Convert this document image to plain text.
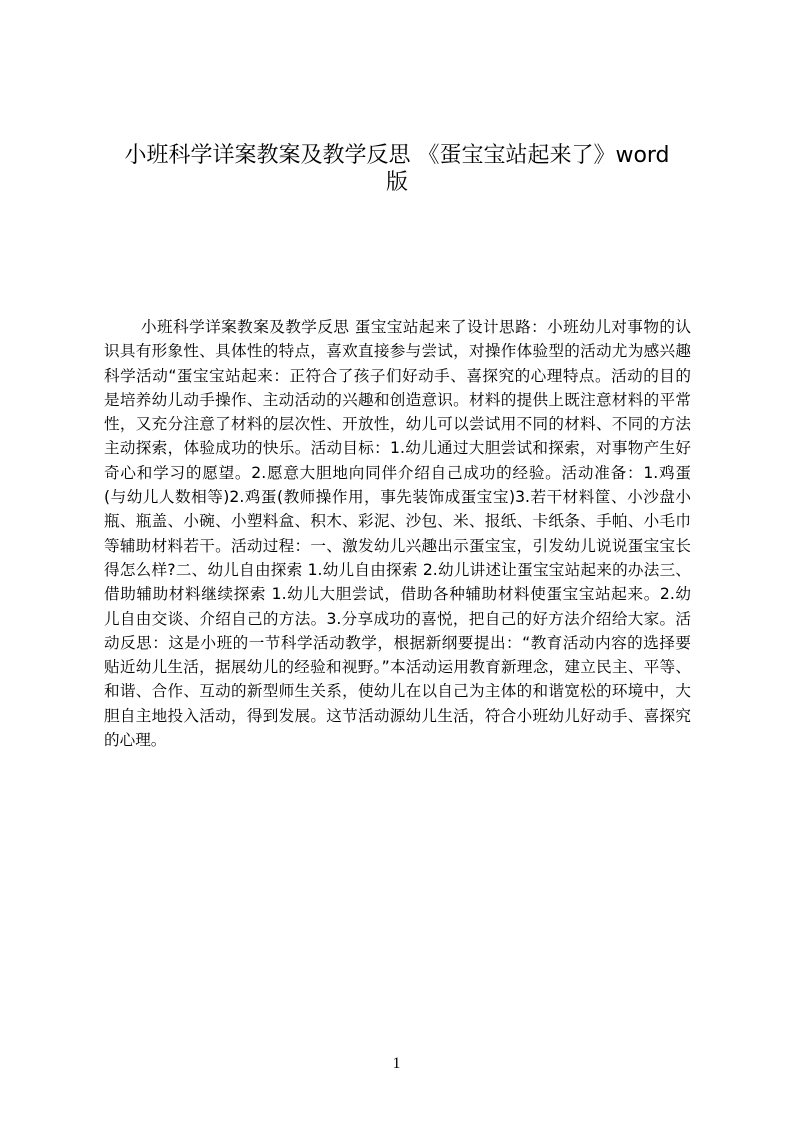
小班科学详案教案及教学反思 《蛋宝宝站起来了》word
版
小班科学详案教案及教学反思 蛋宝宝站起来了设计思路：小班幼儿对事物的认
识具有形象性、具体性的特点，喜欢直接参与尝试，对操作体验型的活动尤为感兴趣
科学活动“蛋宝宝站起来：正符合了孩子们好动手、喜探究的心理特点。活动的目的
是培养幼儿动手操作、主动活动的兴趣和创造意识。材料的提供上既注意材料的平常
性，又充分注意了材料的层次性、开放性，幼儿可以尝试用不同的材料、不同的方法
主动探索，体验成功的快乐。活动目标：1.幼儿通过大胆尝试和探索，对事物产生好
奇心和学习的愿望。2.愿意大胆地向同伴介绍自己成功的经验。活动准备：1.鸡蛋
(与幼儿人数相等)2.鸡蛋(教师操作用，事先装饰成蛋宝宝)3.若干材料筐、小沙盘小
瓶、瓶盖、小碗、小塑料盒、积木、彩泥、沙包、米、报纸、卡纸条、手帕、小毛巾
等辅助材料若干。活动过程：一、激发幼儿兴趣出示蛋宝宝，引发幼儿说说蛋宝宝长
得怎么样?二、幼儿自由探索 1.幼儿自由探索 2.幼儿讲述让蛋宝宝站起来的办法三、
借助辅助材料继续探索 1.幼儿大胆尝试，借助各种辅助材料使蛋宝宝站起来。2.幼
儿自由交谈、介绍自己的方法。3.分享成功的喜悦，把自己的好方法介绍给大家。活
动反思：这是小班的一节科学活动教学，根据新纲要提出：“教育活动内容的选择要
贴近幼儿生活，据展幼儿的经验和视野。”本活动运用教育新理念，建立民主、平等、
和谐、合作、互动的新型师生关系，使幼儿在以自己为主体的和谐宽松的环境中，大
胆自主地投入活动，得到发展。这节活动源幼儿生活，符合小班幼儿好动手、喜探究
的心理。
1
